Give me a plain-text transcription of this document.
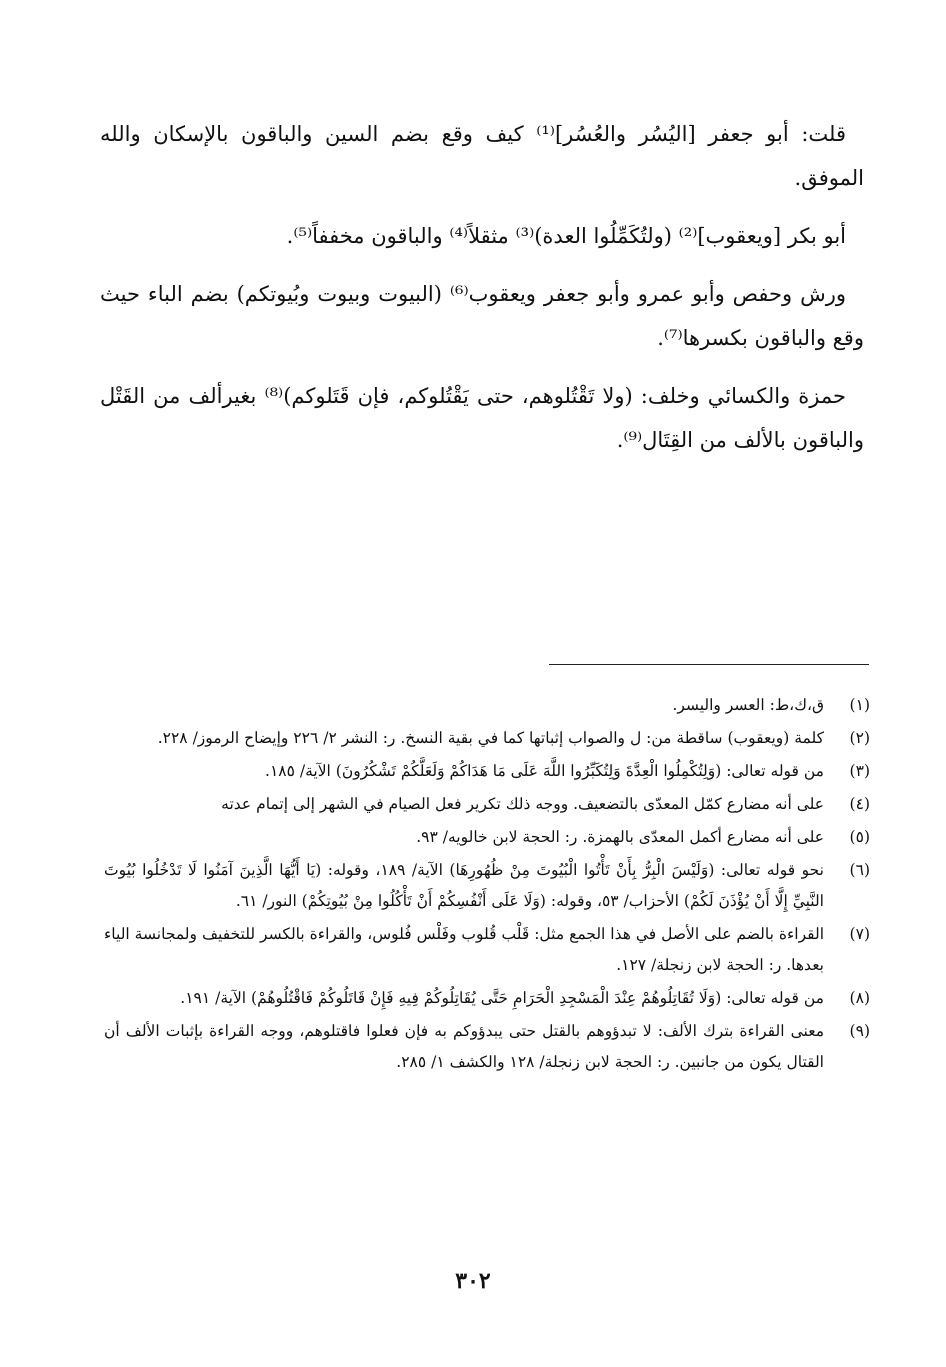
قلت: أبو جعفر [اليُسُر والعُسُر]⁽¹⁾ كيف وقع بضم السين والباقون بالإسكان والله الموفق.

أبو بكر [ويعقوب]⁽²⁾ (ولتُكَمِّلُوا العدة)⁽³⁾ مثقلاً⁽⁴⁾ والباقون مخففاً⁽⁵⁾.

ورش وحفص وأبو عمرو وأبو جعفر ويعقوب⁽⁶⁾ (البيوت وبيوت وبُيوتكم) بضم الباء حيث وقع والباقون بكسرها⁽⁷⁾.

حمزة والكسائي وخلف: (ولا تَقْتُلوهم، حتى يَقْتُلوكم، فإن قَتَلوكم)⁽⁸⁾ بغيرألف من القَتْل والباقون بالألف من القِتَال⁽⁹⁾.

(١)
ق،ك،ط: العسر واليسر.
(٢)
كلمة (ويعقوب) ساقطة من: ل والصواب إثباتها كما في بقية النسخ. ر: النشر ٢/ ٢٢٦ وإيضاح الرموز/ ٢٢٨.
(٣)
من قوله تعالى: (وَلِتُكْمِلُوا الْعِدَّةَ وَلِتُكَبِّرُوا اللَّهَ عَلَى مَا هَدَاكُمْ وَلَعَلَّكُمْ تَشْكُرُونَ) الآية/ ١٨٥.
(٤)
على أنه مضارع كمّل المعدّى بالتضعيف. ووجه ذلك تكرير فعل الصيام في الشهر إلى إتمام عدته
(٥)
على أنه مضارع أكمل المعدّى بالهمزة. ر: الحجة لابن خالويه/ ٩٣.
(٦)
نحو قوله تعالى: (وَلَيْسَ الْبِرُّ بِأَنْ تَأْتُوا الْبُيُوتَ مِنْ ظُهُورِهَا) الآية/ ١٨٩، وقوله: (يَا أَيُّهَا الَّذِينَ آمَنُوا لَا تَدْخُلُوا بُيُوتَ النَّبِيِّ إِلَّا أَنْ يُؤْذَنَ لَكُمْ) الأحزاب/ ٥٣، وقوله: (وَلَا عَلَى أَنْفُسِكُمْ أَنْ تَأْكُلُوا مِنْ بُيُوتِكُمْ) النور/ ٦١.
(٧)
القراءة بالضم على الأصل في هذا الجمع مثل: قَلْب قُلوب وفَلْس فُلوس، والقراءة بالكسر للتخفيف ولمجانسة الياء بعدها. ر: الحجة لابن زنجلة/ ١٢٧.
(٨)
من قوله تعالى: (وَلَا تُقَاتِلُوهُمْ عِنْدَ الْمَسْجِدِ الْحَرَامِ حَتَّى يُقَاتِلُوكُمْ فِيهِ فَإِنْ قَاتَلُوكُمْ فَاقْتُلُوهُمْ) الآية/ ١٩١.
(٩)
معنى القراءة بترك الألف: لا تبدؤوهم بالقتل حتى يبدؤوكم به فإن فعلوا فاقتلوهم، ووجه القراءة بإثبات الألف أن القتال يكون من جانبين. ر: الحجة لابن زنجلة/ ١٢٨ والكشف ١/ ٢٨٥.
٣٠٢
